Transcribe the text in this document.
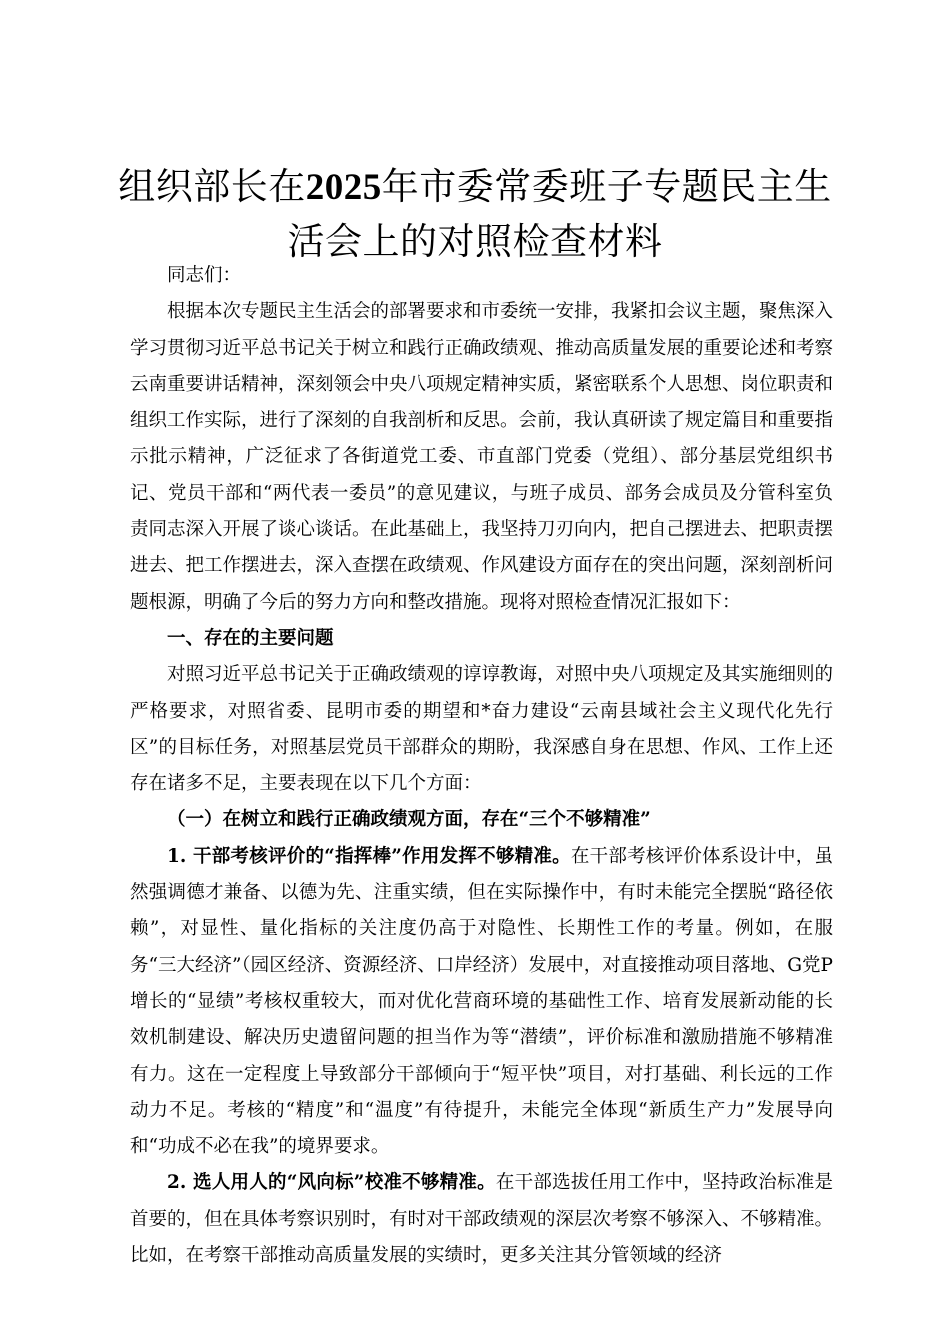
组织部长在2025年市委常委班子专题民主生活会上的对照检查材料

同志们：

根据本次专题民主生活会的部署要求和市委统一安排，我紧扣会议主题，聚焦深入学习贯彻习近平总书记关于树立和践行正确政绩观、推动高质量发展的重要论述和考察云南重要讲话精神，深刻领会中央八项规定精神实质，紧密联系个人思想、岗位职责和组织工作实际，进行了深刻的自我剖析和反思。会前，我认真研读了规定篇目和重要指示批示精神，广泛征求了各街道党工委、市直部门党委（党组）、部分基层党组织书记、党员干部和“两代表一委员”的意见建议，与班子成员、部务会成员及分管科室负责同志深入开展了谈心谈话。在此基础上，我坚持刀刃向内，把自己摆进去、把职责摆进去、把工作摆进去，深入查摆在政绩观、作风建设方面存在的突出问题，深刻剖析问题根源，明确了今后的努力方向和整改措施。现将对照检查情况汇报如下：

一、存在的主要问题

对照习近平总书记关于正确政绩观的谆谆教诲，对照中央八项规定及其实施细则的严格要求，对照省委、昆明市委的期望和*奋力建设“云南县域社会主义现代化先行区”的目标任务，对照基层党员干部群众的期盼，我深感自身在思想、作风、工作上还存在诸多不足，主要表现在以下几个方面：

（一）在树立和践行正确政绩观方面，存在“三个不够精准”

1. 干部考核评价的“指挥棒”作用发挥不够精准。在干部考核评价体系设计中，虽然强调德才兼备、以德为先、注重实绩，但在实际操作中，有时未能完全摆脱“路径依赖”，对显性、量化指标的关注度仍高于对隐性、长期性工作的考量。例如，在服务“三大经济”（园区经济、资源经济、口岸经济）发展中，对直接推动项目落地、G党P增长的“显绩”考核权重较大，而对优化营商环境的基础性工作、培育发展新动能的长效机制建设、解决历史遗留问题的担当作为等“潜绩”，评价标准和激励措施不够精准有力。这在一定程度上导致部分干部倾向于“短平快”项目，对打基础、利长远的工作动力不足。考核的“精度”和“温度”有待提升，未能完全体现“新质生产力”发展导向和“功成不必在我”的境界要求。

2. 选人用人的“风向标”校准不够精准。在干部选拔任用工作中，坚持政治标准是首要的，但在具体考察识别时，有时对干部政绩观的深层次考察不够深入、不够精准。比如，在考察干部推动高质量发展的实绩时，更多关注其分管领域的经济
